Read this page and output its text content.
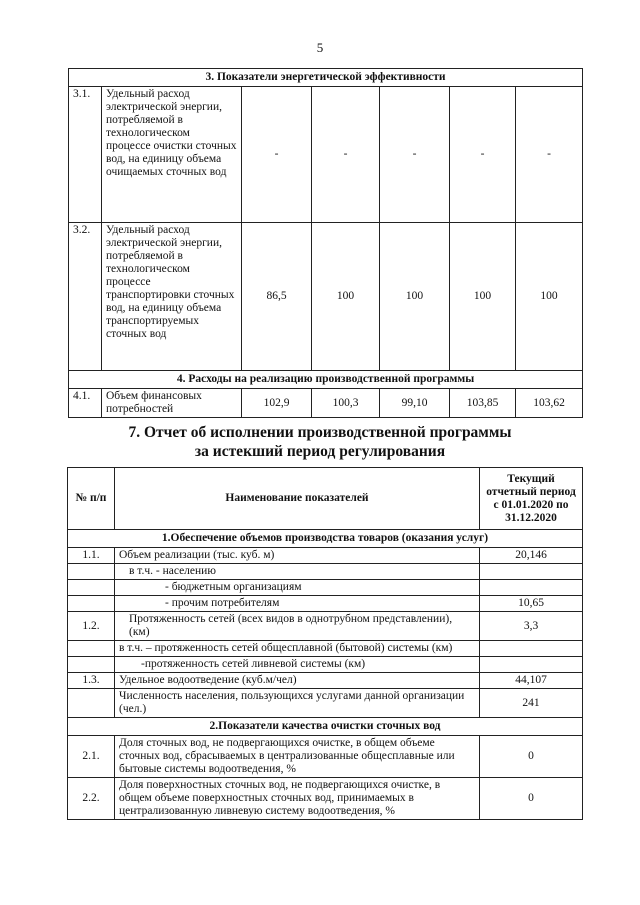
5
3. Показатели энергетической эффективности						
3.1.	Удельный расход электрической энергии, потребляемой в технологическом процессе очистки сточных вод, на единицу объема очищаемых сточных вод	-	-	-	-	-
3.2.	Удельный расход электрической энергии, потребляемой в технологическом процессе транспортировки сточных вод, на единицу объема транспортируемых сточных вод	86,5	100	100	100	100
4. Расходы на реализацию производственной программы						
4.1.	Объем финансовых потребностей	102,9	100,3	99,10	103,85	103,62
7. Отчет об исполнении производственной программы
за истекший период регулирования
№ п/п	Наименование показателей	Текущий отчетный период с 01.01.2020 по 31.12.2020
1.Обеспечение объемов производства товаров (оказания услуг)		
1.1.	Объем реализации (тыс. куб. м)	20,146
	в т.ч. - населению	
	- бюджетным организациям	
	- прочим потребителям	10,65
1.2.	Протяженность сетей (всех видов в однотрубном представлении), (км)	3,3
	в т.ч. – протяженность сетей общесплавной (бытовой) системы (км)	
	-протяженность сетей ливневой системы (км)	
1.3.	Удельное водоотведение (куб.м/чел)	44,107
	Численность населения, пользующихся услугами данной организации (чел.)	241
2.Показатели качества очистки сточных вод		
2.1.	Доля сточных вод, не подвергающихся очистке, в общем объеме сточных вод, сбрасываемых в централизованные общесплавные или бытовые системы водоотведения, %	0
2.2.	Доля поверхностных сточных вод, не подвергающихся очистке, в общем объеме поверхностных сточных вод, принимаемых в централизованную ливневую систему водоотведения, %	0
